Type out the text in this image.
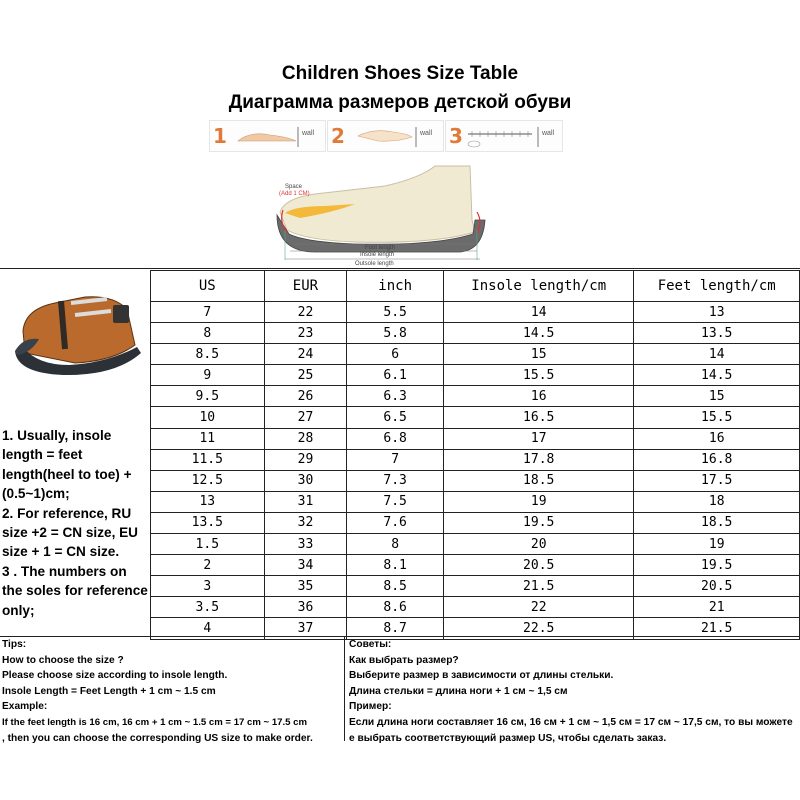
Children Shoes Size Table
Диаграмма размеров детской обуви
1	wall 2	wall 3	wall
Space
(Add 1 CM)
Foot length
Insole length
Outsole length

1. Usually, insole length = feet length(heel to toe) + (0.5~1)cm;

2. For reference, RU size +2 = CN size, EU size + 1 = CN size.

3 . The numbers on the soles for reference only;

US	EUR	inch	Insole length/cm	Feet length/cm
7	22	5.5	14	13
8	23	5.8	14.5	13.5
8.5	24	6	15	14
9	25	6.1	15.5	14.5
9.5	26	6.3	16	15
10	27	6.5	16.5	15.5
11	28	6.8	17	16
11.5	29	7	17.8	16.8
12.5	30	7.3	18.5	17.5
13	31	7.5	19	18
13.5	32	7.6	19.5	18.5
1.5	33	8	20	19
2	34	8.1	20.5	19.5
3	35	8.5	21.5	20.5
3.5	36	8.6	22	21
4	37	8.7	22.5	21.5

Tips:

How to choose the size ?

Please choose size according to insole length.

Insole Length = Feet Length + 1 cm ~ 1.5 cm

Example:

If the feet length is 16 cm, 16 cm + 1 cm ~ 1.5 cm = 17 cm ~ 17.5 cm

, then you can choose the corresponding US size to make order.

Советы:

Как выбрать размер?

Выберите размер в зависимости от длины стельки.

Длина стельки = длина ноги + 1 см ~ 1,5 см

Пример:

Если длина ноги составляет 16 см, 16 см + 1 см ~ 1,5 см = 17 см ~ 17,5 см, то вы можете

е выбрать соответствующий размер US, чтобы сделать заказ.
